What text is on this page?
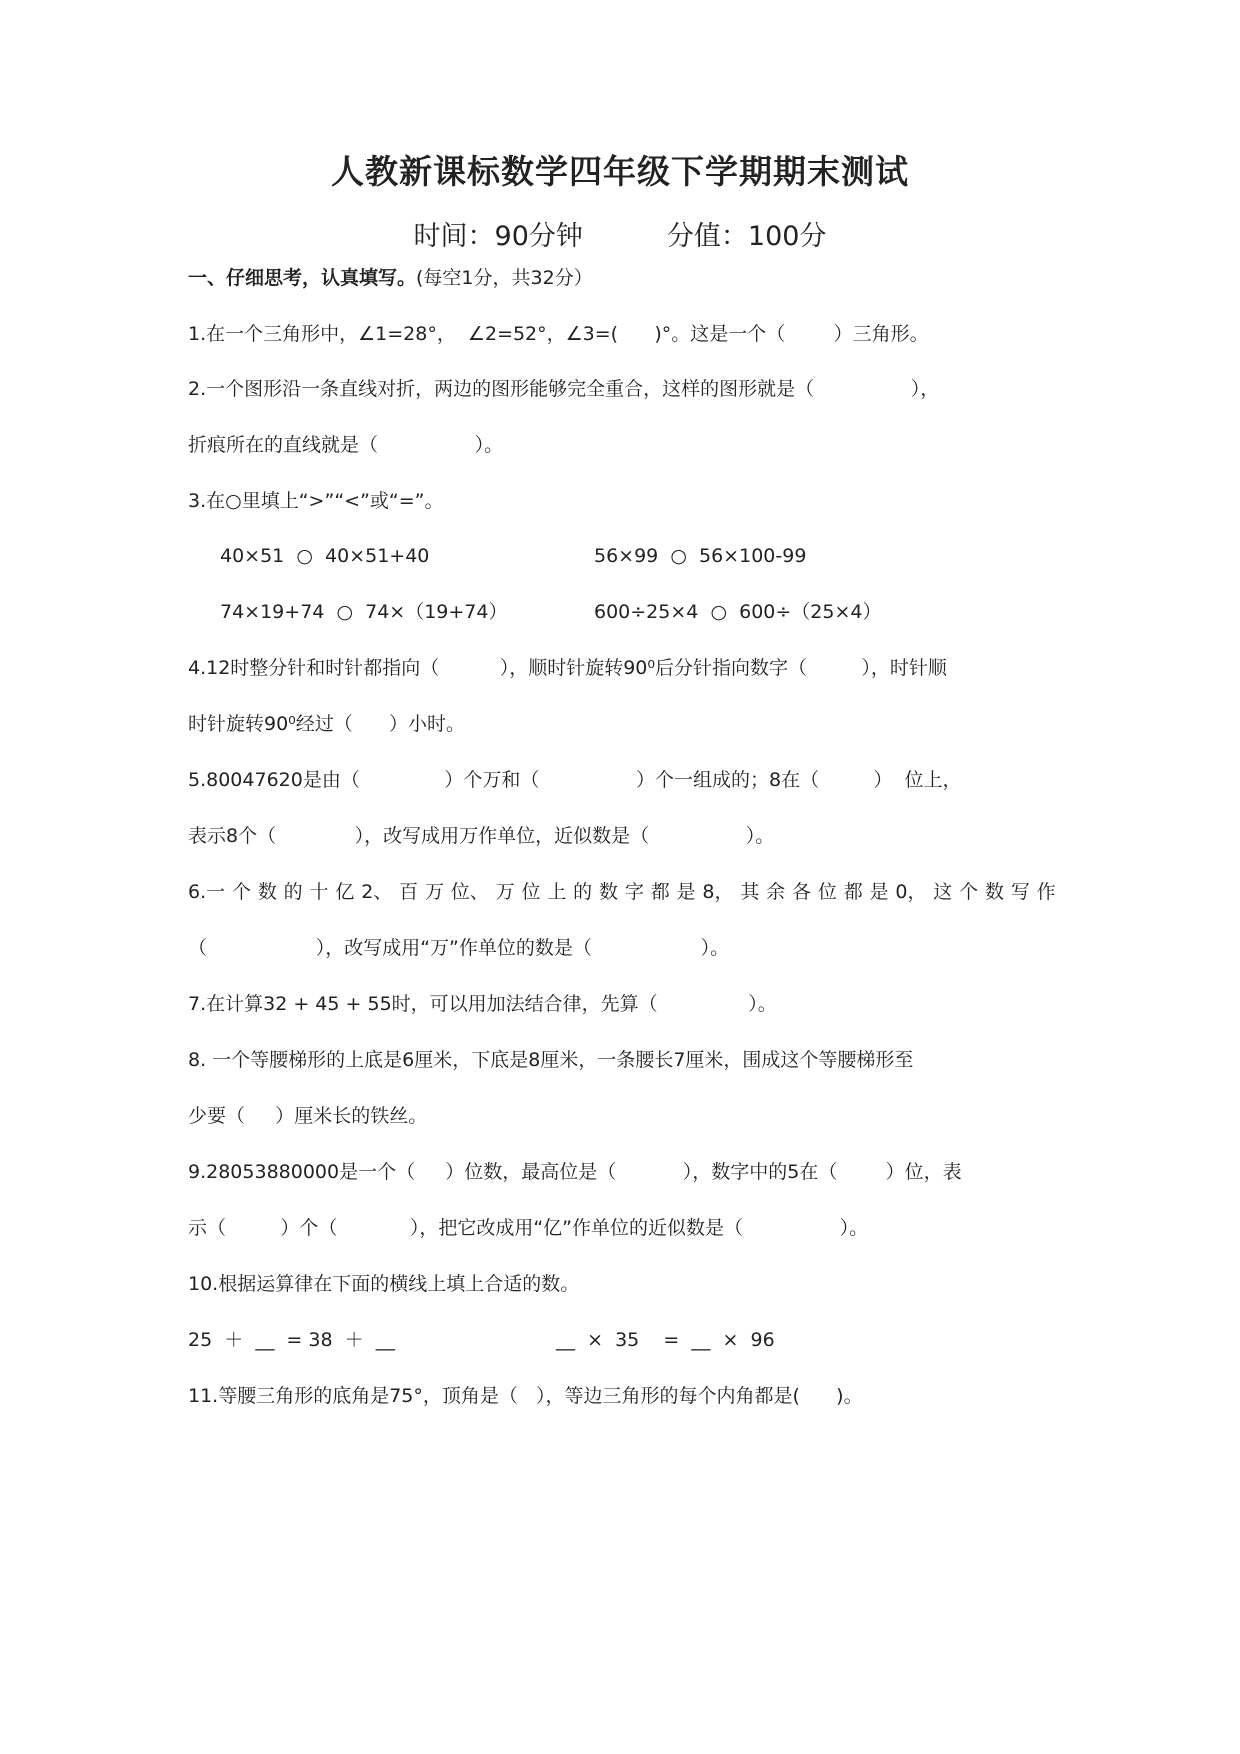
人教新课标数学四年级下学期期末测试
时间：90分钟	分值：100分
一、仔细思考，认真填写。(每空1分，共32分）
1.在一个三角形中，∠1=28°，  ∠2=52°，∠3=(      )°。这是一个（        ）三角形。
2.一个图形沿一条直线对折，两边的图形能够完全重合，这样的图形就是（                ），
折痕所在的直线就是（                ）。
3.在○里填上“>”“<”或“=”。
40×51  ○  40×51+40	56×99  ○  56×100-99
74×19+74  ○  74×（19+74）	600÷25×4  ○  600÷（25×4）
4.12时整分针和时针都指向（          ），顺时针旋转90⁰后分针指向数字（         ），时针顺
时针旋转90⁰经过（      ）小时。
5.80047620是由（              ）个万和（                ）个一组成的；8在（         ）  位上，
表示8个（             ），改写成用万作单位，近似数是（                ）。
6.一 个 数 的 十 亿 2、 百 万 位、 万 位 上 的 数 字 都 是 8， 其 余 各 位 都 是 0， 这 个 数 写 作
（                  ），改写成用“万”作单位的数是（                  ）。
7.在计算32 + 45 + 55时，可以用加法结合律，先算（               ）。
8. 一个等腰梯形的上底是6厘米，下底是8厘米，一条腰长7厘米，围成这个等腰梯形至
少要（     ）厘米长的铁丝。
9.28053880000是一个（     ）位数，最高位是（           ），数字中的5在（        ）位，表
示（         ）个（            ），把它改成用“亿”作单位的近似数是（                ）。
10.根据运算律在下面的横线上填上合适的数。
25  ＋  __  = 38  ＋  __	__  ×  35    =  __  ×  96
11.等腰三角形的底角是75°，顶角是（   ），等边三角形的每个内角都是(      )。
